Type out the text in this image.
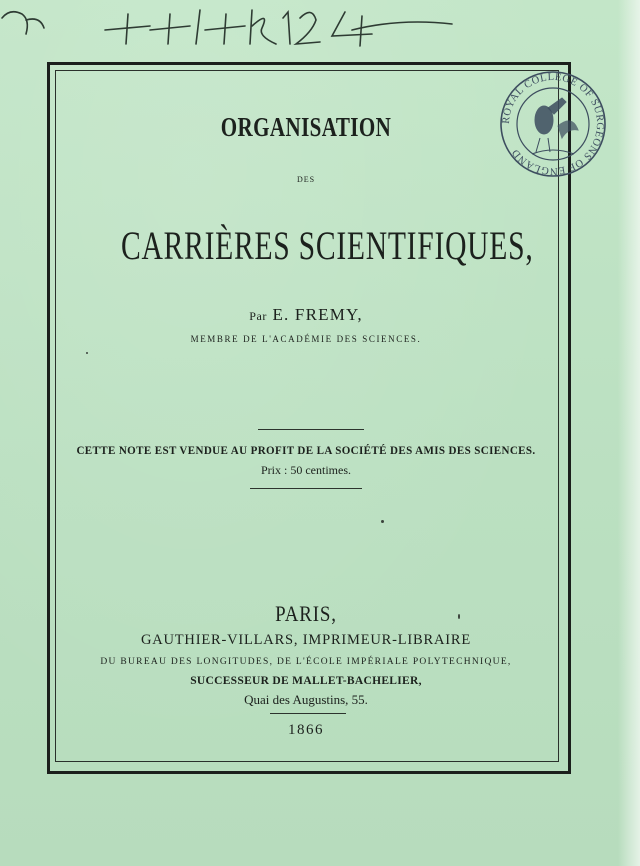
ROYAL COLLEGE OF SURGEONS OF ENGLAND
ORGANISATION
DES
CARRIÈRES SCIENTIFIQUES,
Par E. FREMY,
MEMBRE DE L'ACADÉMIE DES SCIENCES.
CETTE NOTE EST VENDUE AU PROFIT DE LA SOCIÉTÉ DES AMIS DES SCIENCES.
Prix : 50 centimes.
PARIS,
GAUTHIER-VILLARS, IMPRIMEUR-LIBRAIRE
DU BUREAU DES LONGITUDES, DE L'ÉCOLE IMPÉRIALE POLYTECHNIQUE,
SUCCESSEUR DE MALLET-BACHELIER,
Quai des Augustins, 55.
1866
